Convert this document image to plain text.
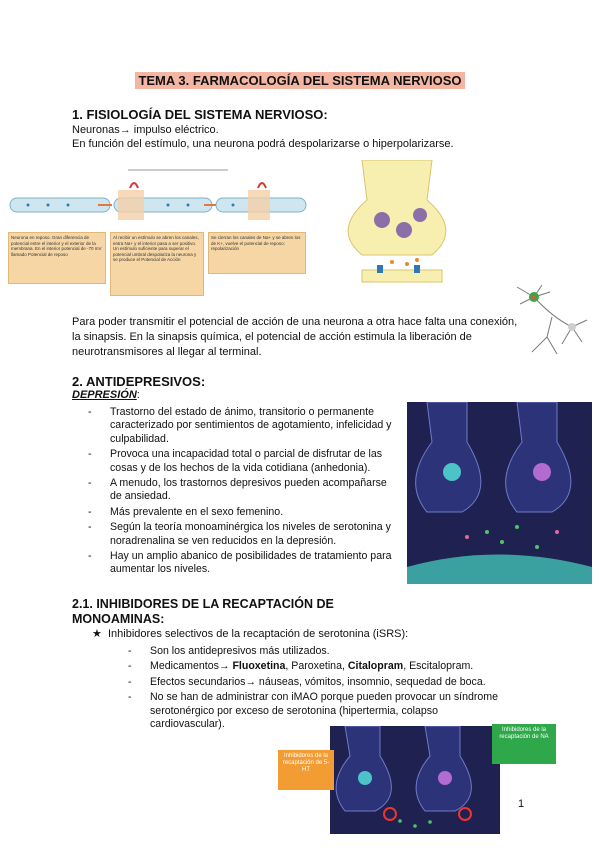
TEMA 3. FARMACOLOGÍA DEL SISTEMA NERVIOSO
1. FISIOLOGÍA DEL SISTEMA NERVIOSO:
Neuronas→ impulso eléctrico.
En función del estímulo, una neurona podrá despolarizarse o hiperpolarizarse.
Neurona en reposo. Gran diferencia de potencial entre el interior y el exterior de la membrana. En el interior potencial de -70 mV llamado Potencial de reposo
Al recibir un estímulo se abren los canales, entra Na+ y el interior pasa a ser positivo. Un estímulo suficiente para superar el potencial umbral despolariza la neurona y se produce el Potencial de Acción
Se cierran los canales de Na+ y se abren los de K+, vuelve el potencial de reposo: repolarización
Para poder transmitir el potencial de acción de una neurona a otra hace falta una conexión, la sinapsis. En la sinapsis química, el potencial de acción estimula la liberación de neurotransmisores al llegar al terminal.
2. ANTIDEPRESIVOS:
DEPRESIÓN:
- Trastorno del estado de ánimo, transitorio o permanente caracterizado por sentimientos de agotamiento, infelicidad y culpabilidad.
- Provoca una incapacidad total o parcial de disfrutar de las cosas y de los hechos de la vida cotidiana (anhedonia).
- A menudo, los trastornos depresivos pueden acompañarse de ansiedad.
- Más prevalente en el sexo femenino.
- Según la teoría monoaminérgica los niveles de serotonina y noradrenalina se ven reducidos en la depresión.
- Hay un amplio abanico de posibilidades de tratamiento para aumentar los niveles.
2.1. INHIBIDORES DE LA RECAPTACIÓN DE
MONOAMINAS:
★ Inhibidores selectivos de la recaptación de serotonina (iSRS):
- Son los antidepresivos más utilizados.
- Medicamentos→ Fluoxetina, Paroxetina, Citalopram, Escitalopram.
- Efectos secundarios→ náuseas, vómitos, insomnio, sequedad de boca.
- No se han de administrar con iMAO porque pueden provocar un síndrome serotonérgico por exceso de serotonina (hipertermia, colapso cardiovascular).
Inhibidores de la recaptación de 5-HT
Inhibidores de la recaptación de NA
1
